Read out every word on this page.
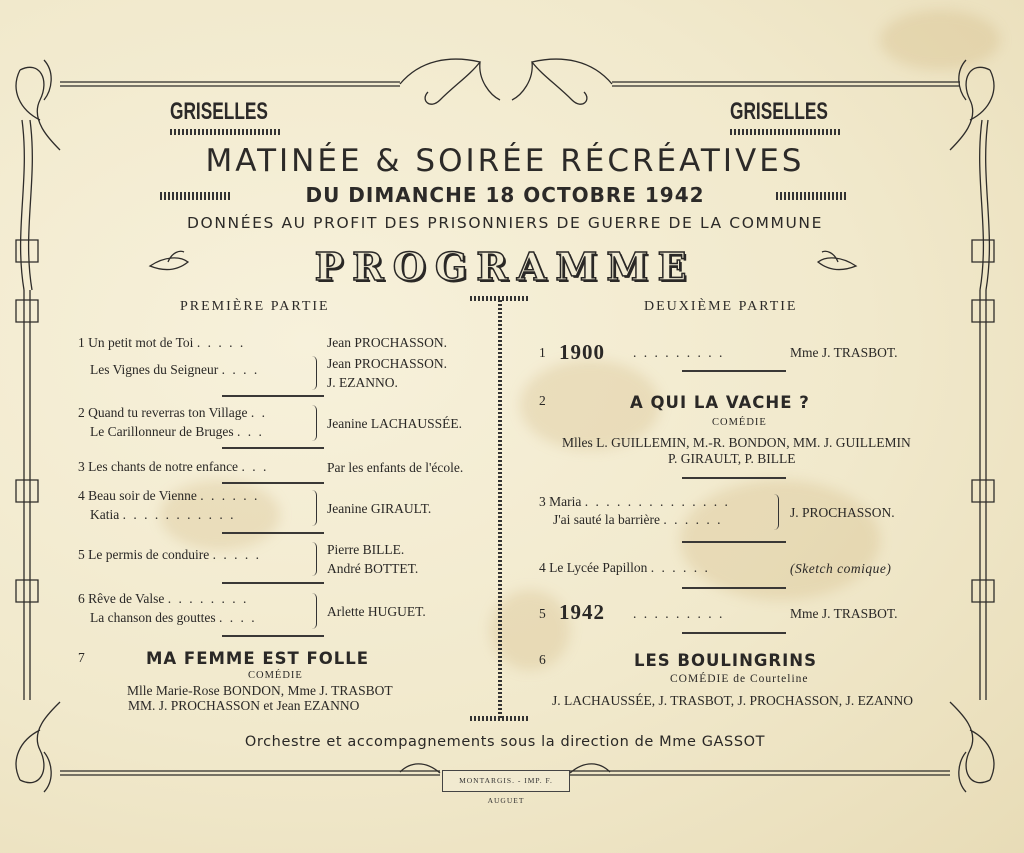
GRISELLES	GRISELLES
MATINÉE & SOIRÉE RÉCRÉATIVES
DU DIMANCHE 18 OCTOBRE 1942
DONNÉES AU PROFIT DES PRISONNIERS DE GUERRE DE LA COMMUNE
PROGRAMME
PREMIÈRE PARTIE
1 Un petit mot de Toi . . . . .	Jean PROCHASSON.
Les Vignes du Seigneur . . . .	Jean PROCHASSON.
J. EZANNO.
2 Quand tu reverras ton Village . .
Le Carillonneur de Bruges . . .
Jeanine LACHAUSSÉE.
3 Les chants de notre enfance . . .	Par les enfants de l'école.
4 Beau soir de Vienne . . . . . .
Katia . . . . . . . . . . .	Jeanine GIRAULT.
5 Le permis de conduire . . . . .	Pierre BILLE.
André BOTTET.
6 Rêve de Valse . . . . . . . .
La chanson des gouttes . . . .	Arlette HUGUET.
7	MA FEMME EST FOLLE
COMÉDIE
Mlle Marie-Rose BONDON, Mme J. TRASBOT
MM. J. PROCHASSON et Jean EZANNO
DEUXIÈME PARTIE
1 1900 . . . . . . . . .	Mme J. TRASBOT.
2	A QUI LA VACHE ?
COMÉDIE
Mlles L. GUILLEMIN, M.-R. BONDON, MM. J. GUILLEMIN
P. GIRAULT, P. BILLE
3 Maria . . . . . . . . . . . . . .
J'ai sauté la barrière . . . . . .	J. PROCHASSON.
4 Le Lycée Papillon . . . . . .	(Sketch comique)
5 1942 . . . . . . . . .	Mme J. TRASBOT.
6	LES BOULINGRINS
COMÉDIE de Courteline
J. LACHAUSSÉE, J. TRASBOT, J. PROCHASSON, J. EZANNO
Orchestre et accompagnements sous la direction de Mme GASSOT
MONTARGIS. - IMP. F. AUGUET
